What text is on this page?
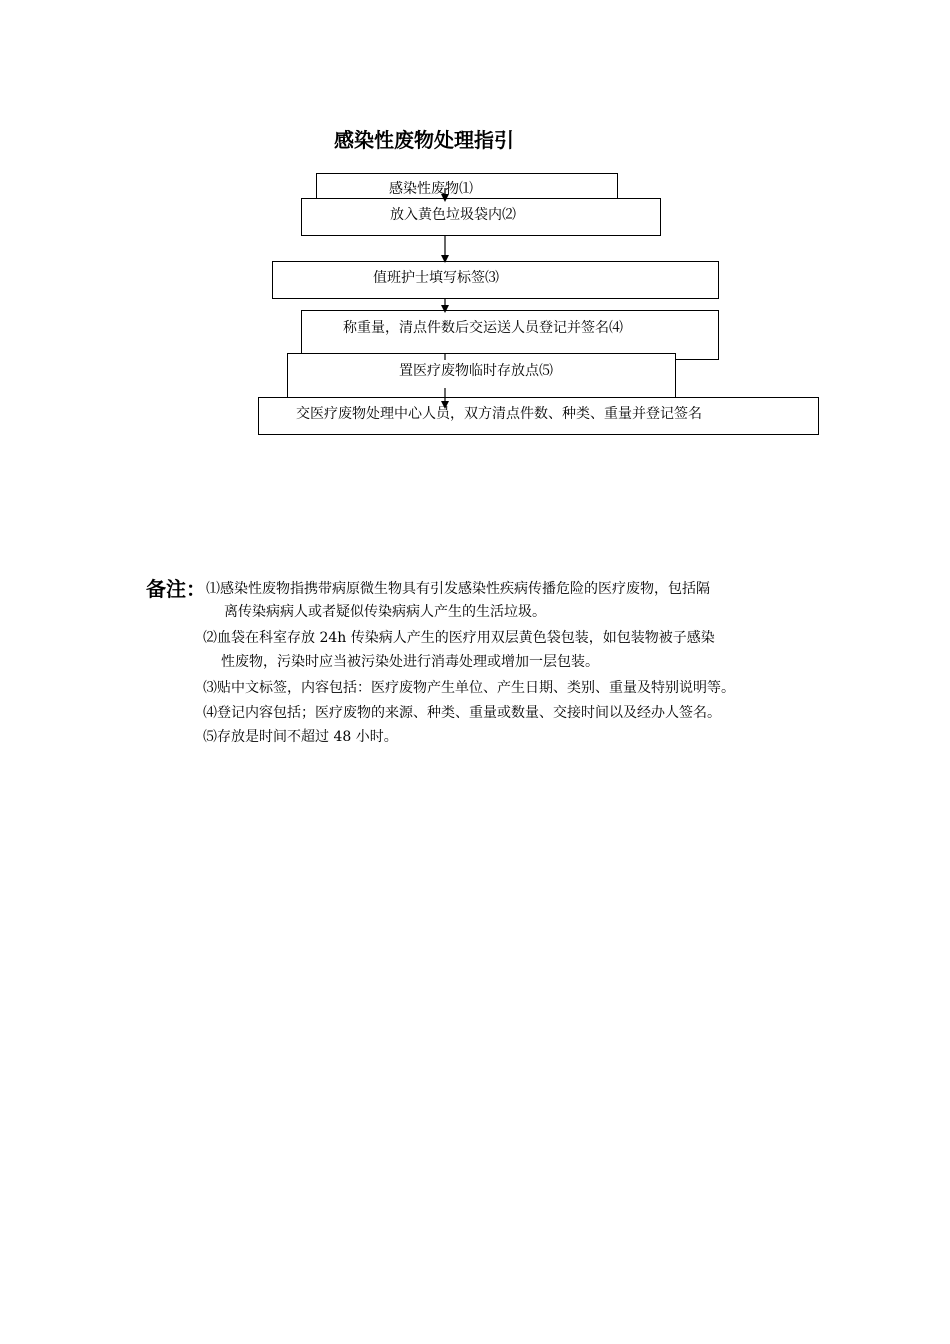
感染性废物处理指引
感染性废物⑴
放入黄色垃圾袋内⑵
值班护士填写标签⑶
称重量，清点件数后交运送人员登记并签名⑷
置医疗废物临时存放点⑸
交医疗废物处理中心人员，双方清点件数、种类、重量并登记签名
备注： ⑴感染性废物指携带病原微生物具有引发感染性疾病传播危险的医疗废物，包括隔
离传染病病人或者疑似传染病病人产生的生活垃圾。
⑵血袋在科室存放 24h 传染病人产生的医疗用双层黄色袋包装，如包装物被子感染
性废物，污染时应当被污染处进行消毒处理或增加一层包装。
⑶贴中文标签，内容包括：医疗废物产生单位、产生日期、类别、重量及特别说明等。
⑷登记内容包括；医疗废物的来源、种类、重量或数量、交接时间以及经办人签名。
⑸存放是时间不超过 48 小时。
